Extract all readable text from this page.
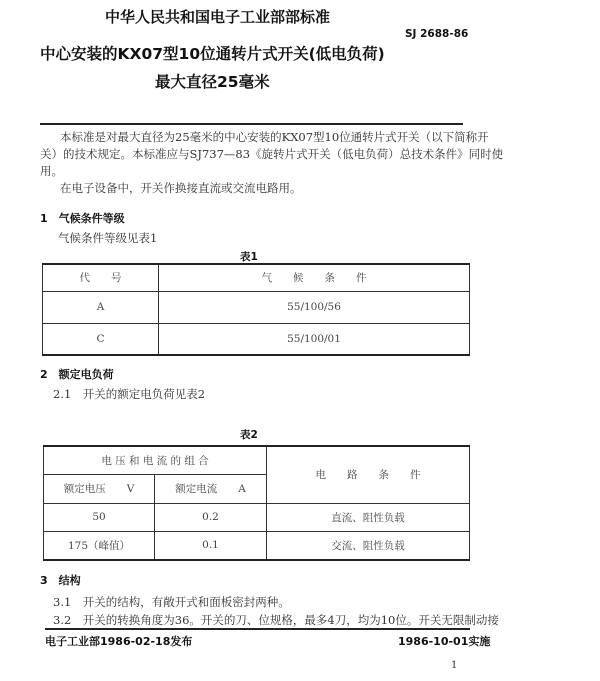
中华人民共和国电子工业部部标准
SJ 2688-86
中心安装的KX07型10位通转片式开关(低电负荷)
最大直径25毫米
本标准是对最大直径为25毫米的中心安装的KX07型10位通转片式开关（以下简称开
关）的技术规定。本标准应与SJ737—83《旋转片式开关（低电负荷）总技术条件》同时使
用。
在电子设备中，开关作换接直流或交流电路用。
1　气候条件等级
气候条件等级见表1
表1
代　　号	气　　候　　条　　件
A	55/100/56
C	55/100/01
2　额定电负荷
2.1　开关的额定电负荷见表2
表2
电 压 和 电 流 的 组 合		电　　路　　条　　件
额定电压　　V	额定电流　　A	
50	0.2	直流、阻性负载
175（峰值）	0.1	交流、阻性负载
3　结构
3.1　开关的结构，有敞开式和面板密封两种。
3.2　开关的转换角度为36。开关的刀、位规格，最多4刀，均为10位。开关无限制动接
电子工业部1986-02-18发布	1986-10-01实施
1
